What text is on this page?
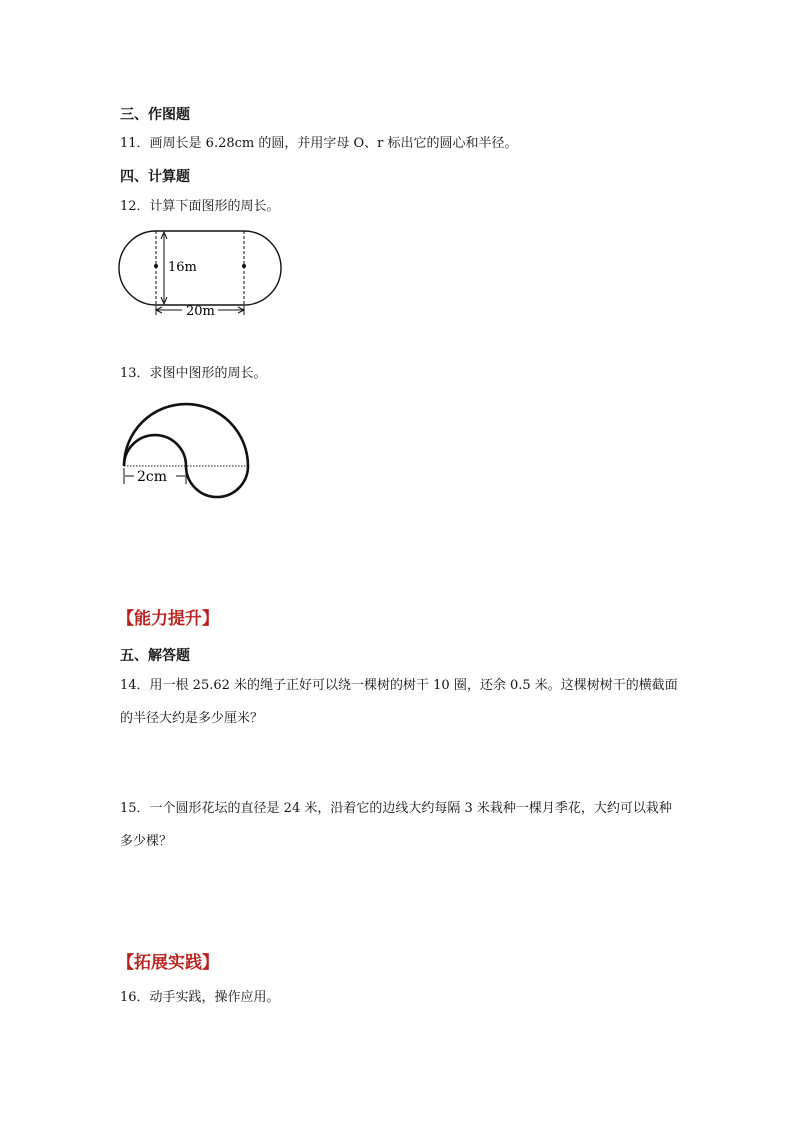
三、作图题
11．画周长是 6.28cm 的圆，并用字母 O、r 标出它的圆心和半径。
四、计算题
12．计算下面图形的周长。
16m
20m
13．求图中图形的周长。
2cm
【能力提升】
五、解答题
14．用一根 25.62 米的绳子正好可以绕一棵树的树干 10 圈，还余 0.5 米。这棵树树干的横截面的半径大约是多少厘米？
15．一个圆形花坛的直径是 24 米，沿着它的边线大约每隔 3 米栽种一棵月季花，大约可以栽种多少棵？
【拓展实践】
16．动手实践，操作应用。
